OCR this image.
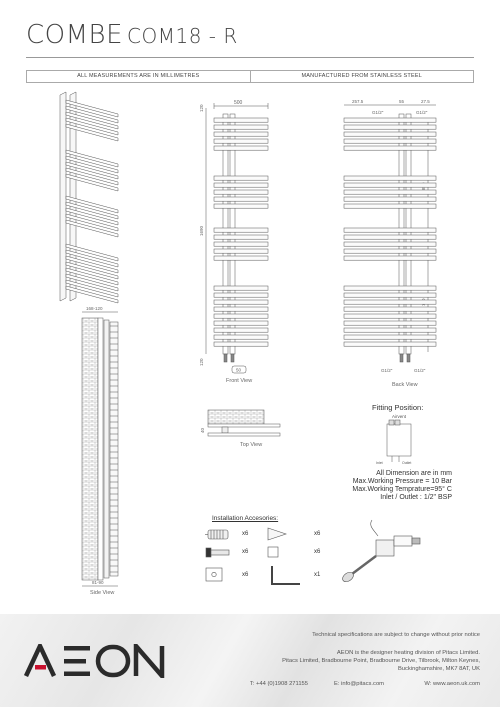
COMBE COM18 - R
ALL MEASUREMENTS ARE IN MILLIMETRES	MANUFACTURED FROM STAINLESS STEEL
168-120
81-90
500
120
1690
120
50
257.5	55	27.5
G1/2"	G1/2"
G1/2"	G1/2"
40
Airvent
Inlet	Outlet
Front View
Back View
Top View
Side View
Fitting Position:
All Dimension are in mm
Max.Working Pressure = 10 Bar
Max.Working Temprature=95° C
Inlet / Outlet : 1/2" BSP
Installation Accesories:
x6	x6
x6	x6
x6	x1
Technical specifications are subject to change without prior notice
AEON is the designer heating division of Pitacs Limited.
Pitacs Limited, Bradbourne Point, Bradbourne Drive, Tilbrook, Milton Keynes,
Buckinghamshire, MK7 8AT, UK
T: +44 (0)1908 271155	E: info@pitacs.com	W: www.aeon.uk.com
